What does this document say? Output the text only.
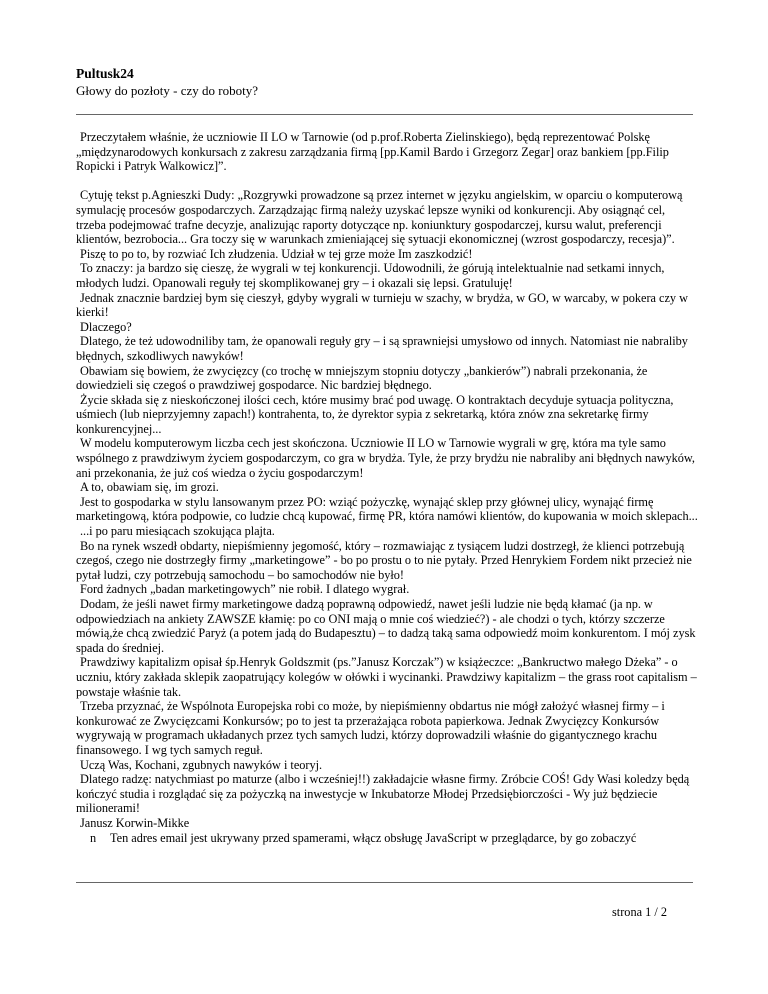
Pultusk24
Głowy do pozłoty - czy do roboty?

Przeczytałem właśnie, że uczniowie II LO w Tarnowie (od p.prof.Roberta Zielinskiego), będą reprezentować Polskę „międzynarodowych konkursach z zakresu zarządzania firmą [pp.Kamil Bardo i Grzegorz Zegar] oraz bankiem [pp.Filip Ropicki i Patryk Walkowicz]”.

Cytuję tekst p.Agnieszki Dudy: „Rozgrywki prowadzone są przez internet w języku angielskim, w oparciu o komputerową symulację procesów gospodarczych. Zarządzając firmą należy uzyskać lepsze wyniki od konkurencji. Aby osiągnąć cel, trzeba podejmować trafne decyzje, analizując raporty dotyczące np. koniunktury gospodarczej, kursu walut, preferencji klientów, bezrobocia... Gra toczy się w warunkach zmieniającej się sytuacji ekonomicznej (wzrost gospodarczy, recesja)”.

Piszę to po to, by rozwiać Ich złudzenia. Udział w tej grze może Im zaszkodzić!

To znaczy: ja bardzo się cieszę, że wygrali w tej konkurencji. Udowodnili, że górują intelektualnie nad setkami innych, młodych ludzi. Opanowali reguły tej skomplikowanej gry – i okazali się lepsi. Gratuluję!

Jednak znacznie bardziej bym się cieszył, gdyby wygrali w turnieju w szachy, w brydża, w GO, w warcaby, w pokera czy w kierki!

Dlaczego?

Dlatego, że też udowodniliby tam, że opanowali reguły gry – i są sprawniejsi umysłowo od innych. Natomiast nie nabraliby błędnych, szkodliwych nawyków!

Obawiam się bowiem, że zwycięzcy (co trochę w mniejszym stopniu dotyczy „bankierów”) nabrali przekonania, że dowiedzieli się czegoś o prawdziwej gospodarce. Nic bardziej błędnego.

Życie składa się z nieskończonej ilości cech, które musimy brać pod uwagę. O kontraktach decyduje sytuacja polityczna, uśmiech (lub nieprzyjemny zapach!) kontrahenta, to, że dyrektor sypia z sekretarką, która znów zna sekretarkę firmy konkurencyjnej...

W modelu komputerowym liczba cech jest skończona. Uczniowie II LO w Tarnowie wygrali w grę, która ma tyle samo wspólnego z prawdziwym życiem gospodarczym, co gra w brydża. Tyle, że przy brydżu nie nabraliby ani błędnych nawyków, ani przekonania, że już coś wiedza o życiu gospodarczym!

A to, obawiam się, im grozi.

Jest to gospodarka w stylu lansowanym przez PO: wziąć pożyczkę, wynająć sklep przy głównej ulicy, wynająć firmę marketingową, która podpowie, co ludzie chcą kupować, firmę PR, która namówi klientów, do kupowania w moich sklepach...

...i po paru miesiącach szokująca plajta.

Bo na rynek wszedł obdarty, niepiśmienny jegomość, który – rozmawiając z tysiącem ludzi dostrzegł, że klienci potrzebują czegoś, czego nie dostrzegły firmy „marketingowe” - bo po prostu o to nie pytały. Przed Henrykiem Fordem nikt przecież nie pytał ludzi, czy potrzebują samochodu – bo samochodów nie było!

Ford żadnych „badan marketingowych” nie robił. I dlatego wygrał.

Dodam, że jeśli nawet firmy marketingowe dadzą poprawną odpowiedź, nawet jeśli ludzie nie będą kłamać (ja np. w odpowiedziach na ankiety ZAWSZE kłamię: po co ONI mają o mnie coś wiedzieć?) - ale chodzi o tych, którzy szczerze mówią,że chcą zwiedzić Paryż (a potem jadą do Budapesztu) – to dadzą taką sama odpowiedź moim konkurentom. I mój zysk spada do średniej.

Prawdziwy kapitalizm opisał śp.Henryk Goldszmit (ps.”Janusz Korczak”) w książeczce: „Bankructwo małego Dżeka” - o uczniu, który zakłada sklepik zaopatrujący kolegów w ołówki i wycinanki. Prawdziwy kapitalizm – the grass root capitalism – powstaje właśnie tak.

Trzeba przyznać, że Wspólnota Europejska robi co może, by niepiśmienny obdartus nie mógł założyć własnej firmy – i konkurować ze Zwycięzcami Konkursów; po to jest ta przerażająca robota papierkowa. Jednak Zwycięzcy Konkursów wygrywają w programach układanych przez tych samych ludzi, którzy doprowadzili właśnie do gigantycznego krachu finansowego. I wg tych samych reguł.

Uczą Was, Kochani, zgubnych nawyków i teoryj.

Dlatego radzę: natychmiast po maturze (albo i wcześniej!!) zakładajcie własne firmy. Zróbcie COŚ! Gdy Wasi koledzy będą kończyć studia i rozglądać się za pożyczką na inwestycje w Inkubatorze Młodej Przedsiębiorczości - Wy już będziecie milionerami!

Janusz Korwin-Mikke

n Ten adres email jest ukrywany przed spamerami, włącz obsługę JavaScript w przeglądarce, by go zobaczyć

strona 1 / 2
